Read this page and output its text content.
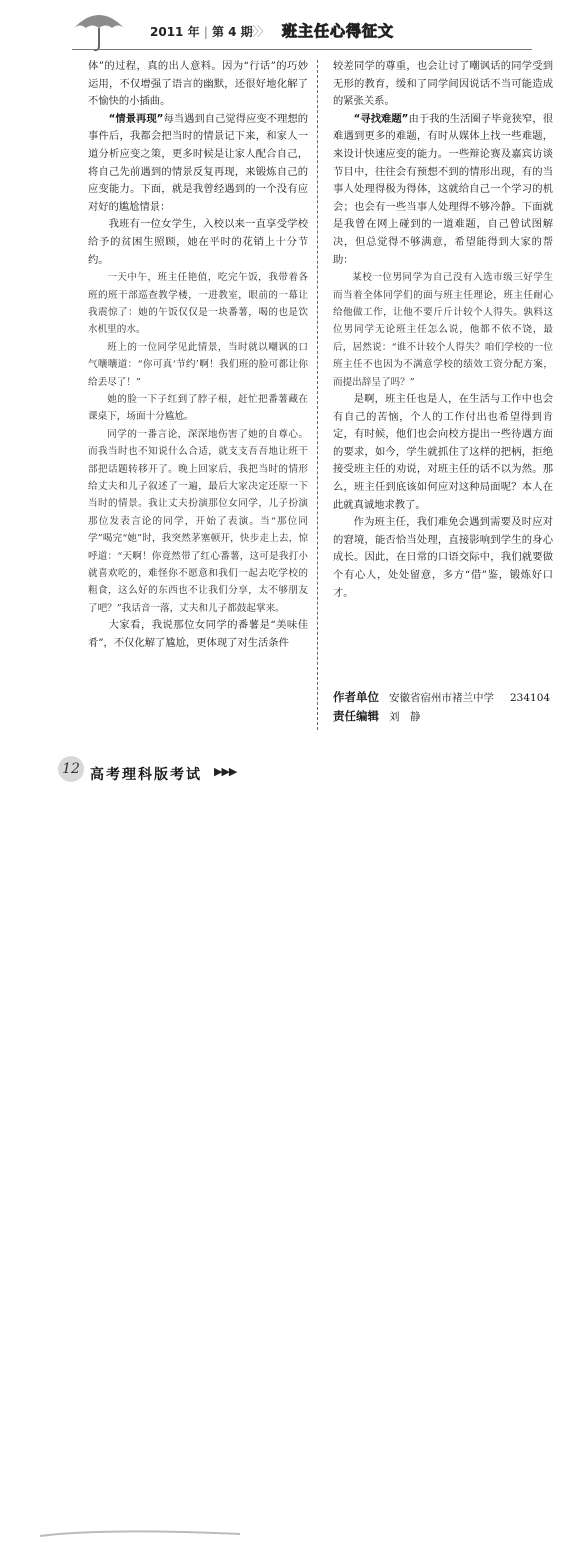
2011 年 | 第 4 期
〉〉〉 班主任心得征文

体”的过程，真的出人意料。因为“行话”的巧妙运用，不仅增强了语言的幽默，还很好地化解了不愉快的小插曲。

“情景再现”每当遇到自己觉得应变不理想的事件后，我都会把当时的情景记下来，和家人一道分析应变之策，更多时候是让家人配合自己，将自己先前遇到的情景反复再现，来锻炼自己的应变能力。下面，就是我曾经遇到的一个没有应对好的尴尬情景：

我班有一位女学生，入校以来一直享受学校给予的贫困生照顾，她在平时的花销上十分节约。

一天中午，班主任艳值，吃完午饭，我带着各班的班干部巡查教学楼，一进教室，眼前的一幕让我震惊了：她的午饭仅仅是一块番薯，喝的也是饮水机里的水。

班上的一位同学见此情景，当时就以嘲讽的口气嚷嚷道：“你可真‘节约’啊！我们班的脸可都让你给丢尽了！”

她的脸一下子红到了脖子根，赶忙把番薯藏在课桌下，场面十分尴尬。

同学的一番言论，深深地伤害了她的自尊心。而我当时也不知说什么合适，就支支吾吾地让班干部把话题转移开了。晚上回家后，我把当时的情形给丈夫和儿子叙述了一遍，最后大家决定还原一下当时的情景。我让丈夫扮演那位女同学，儿子扮演那位发表言论的同学，开始了表演。当“那位同学”喝完“她”时，我突然茅塞顿开，快步走上去，惊呼道：“天啊！你竟然带了红心番薯，这可是我打小就喜欢吃的，难怪你不愿意和我们一起去吃学校的粗食，这么好的东西也不让我们分享，太不够朋友了吧？”我话音一落，丈夫和儿子都鼓起掌来。

大家看，我说那位女同学的番薯是“美味佳肴”，不仅化解了尴尬，更体现了对生活条件

较差同学的尊重，也会让讨了嘲讽话的同学受到无形的教育，缓和了同学间因说话不当可能造成的紧张关系。

“寻找难题”由于我的生活圈子毕竟狭窄，很难遇到更多的难题，有时从媒体上找一些难题，来设计快速应变的能力。一些辩论赛及嘉宾访谈节目中，往往会有预想不到的情形出现，有的当事人处理得极为得体，这就给自己一个学习的机会；也会有一些当事人处理得不够冷静。下面就是我曾在网上碰到的一道难题，自己曾试图解决，但总觉得不够满意，希望能得到大家的帮助：

某校一位男同学为自己没有入选市级三好学生而当着全体同学们的面与班主任理论，班主任耐心给他做工作，让他不要斤斤计较个人得失。孰料这位男同学无论班主任怎么说，他都不依不饶，最后，居然说：“谁不计较个人得失？咱们学校的一位班主任不也因为不满意学校的绩效工资分配方案，而提出辞呈了吗？”

是啊，班主任也是人，在生活与工作中也会有自己的苦恼，个人的工作付出也希望得到肯定，有时候，他们也会向校方提出一些待遇方面的要求，如今，学生就抓住了这样的把柄，拒绝接受班主任的劝说，对班主任的话不以为然。那么，班主任到底该如何应对这种局面呢？本人在此就真诚地求教了。

作为班主任，我们难免会遇到需要及时应对的窘境，能否恰当处理，直接影响到学生的身心成长。因此，在日常的口语交际中，我们就要做个有心人，处处留意，多方“借”鉴，锻炼好口才。

作者单位 安徽省宿州市褚兰中学 234104
责任编辑 刘　静
12 高考理科版考试 ▶▶▶
